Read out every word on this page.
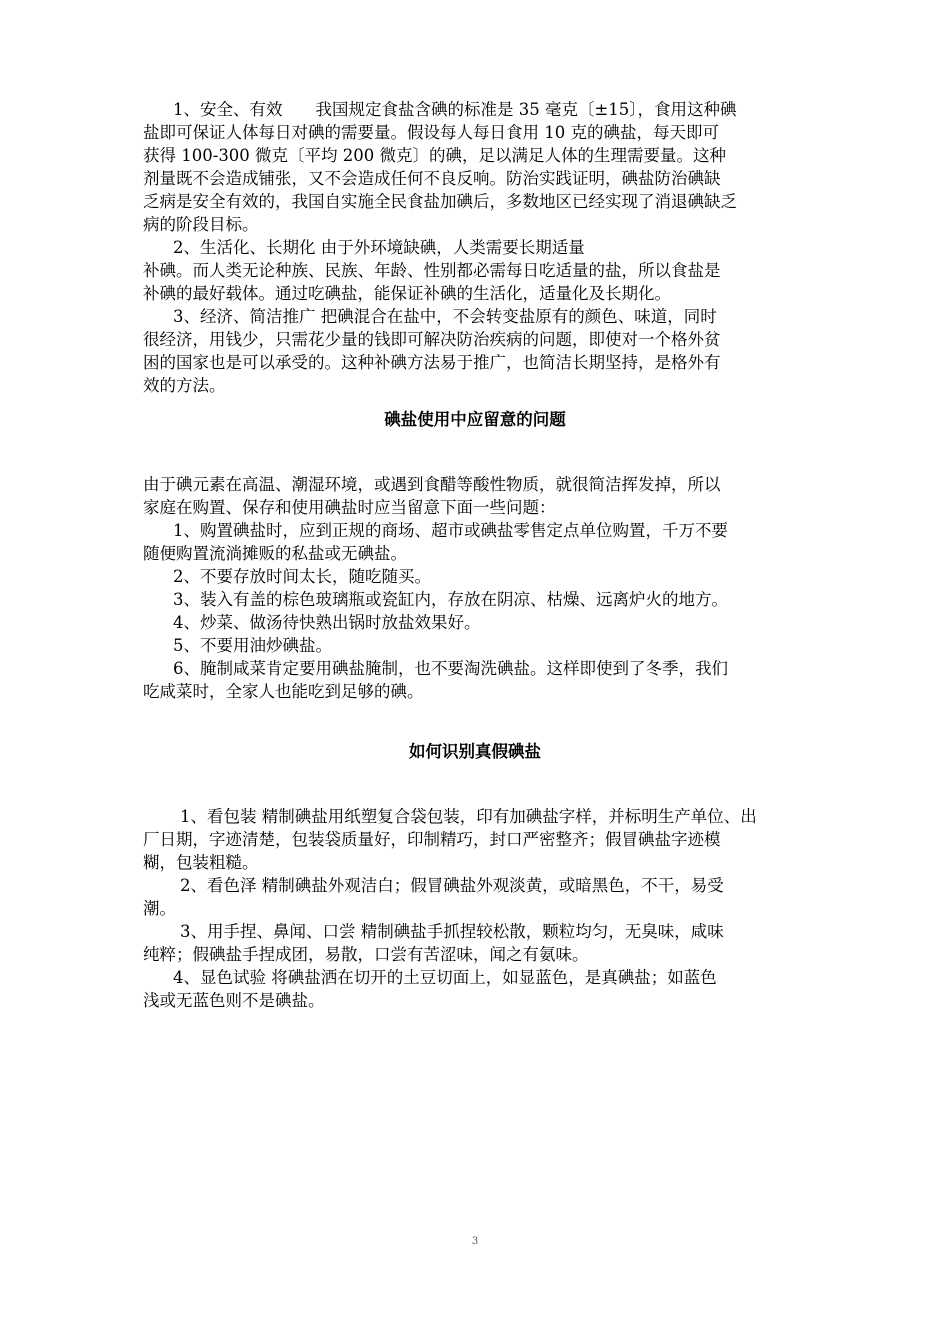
1、安全、有效　　我国规定食盐含碘的标准是 35 毫克〔±15〕，食用这种碘
盐即可保证人体每日对碘的需要量。假设每人每日食用 10 克的碘盐，每天即可
获得 100-300 微克〔平均 200 微克〕的碘，足以满足人体的生理需要量。这种
剂量既不会造成铺张，又不会造成任何不良反响。防治实践证明，碘盐防治碘缺
乏病是安全有效的，我国自实施全民食盐加碘后，多数地区已经实现了消退碘缺乏
病的阶段目标。
2、生活化、长期化 由于外环境缺碘，人类需要长期适量
补碘。而人类无论种族、民族、年龄、性别都必需每日吃适量的盐，所以食盐是
补碘的最好载体。通过吃碘盐，能保证补碘的生活化，适量化及长期化。
3、经济、简洁推广 把碘混合在盐中，不会转变盐原有的颜色、味道，同时
很经济，用钱少，只需花少量的钱即可解决防治疾病的问题，即使对一个格外贫
困的国家也是可以承受的。这种补碘方法易于推广，也简洁长期坚持，是格外有
效的方法。
碘盐使用中应留意的问题
由于碘元素在高温、潮湿环境，或遇到食醋等酸性物质，就很简洁挥发掉，所以
家庭在购置、保存和使用碘盐时应当留意下面一些问题：
1、购置碘盐时，应到正规的商场、超市或碘盐零售定点单位购置，千万不要
随便购置流淌摊贩的私盐或无碘盐。
2、不要存放时间太长，随吃随买。
3、装入有盖的棕色玻璃瓶或瓷缸内，存放在阴凉、枯燥、远离炉火的地方。
4、炒菜、做汤待快熟出锅时放盐效果好。
5、不要用油炒碘盐。
6、腌制咸菜肯定要用碘盐腌制，也不要淘洗碘盐。这样即使到了冬季，我们
吃咸菜时，全家人也能吃到足够的碘。
如何识别真假碘盐
1、看包装 精制碘盐用纸塑复合袋包装，印有加碘盐字样，并标明生产单位、出
厂日期，字迹清楚，包装袋质量好，印制精巧，封口严密整齐；假冒碘盐字迹模
糊，包装粗糙。
2、看色泽 精制碘盐外观洁白；假冒碘盐外观淡黄，或暗黑色，不干，易受
潮。
3、用手捏、鼻闻、口尝 精制碘盐手抓捏较松散，颗粒均匀，无臭味，咸味
纯粹；假碘盐手捏成团，易散，口尝有苦涩味，闻之有氨味。
4、显色试验 将碘盐洒在切开的土豆切面上，如显蓝色，是真碘盐；如蓝色
浅或无蓝色则不是碘盐。
3
